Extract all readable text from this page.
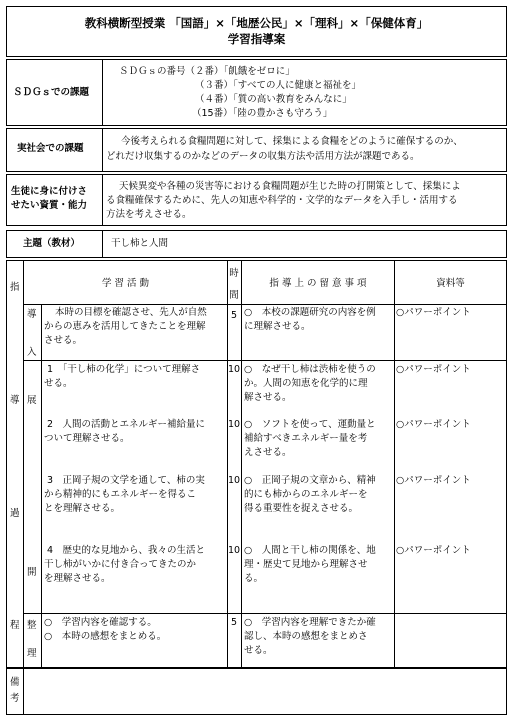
教科横断型授業 「国語」×「地歴公民」×「理科」×「保健体育」
学習指導案
ＳＤＧｓでの課題
ＳＤＧｓの番号（２番）「飢餓をゼロに」
（３番）「すべての人に健康と福祉を」
（４番）「質の高い教育をみんなに」
（15番）「陸の豊かさも守ろう」
実社会での課題
今後考えられる食糧問題に対して、採集による食糧をどのように確保するのか、
どれだけ収集するのかなどのデータの収集方法や活用方法が課題である。
生徒に身に付けさ
せたい資質・能力
天候異変や各種の災害等における食糧問題が生じた時の打開策として、採集によ
る食糧確保するために、先人の知恵や科学的・文学的なデータを入手し・活用する
方法を考えさせる。
主題（教材）	干し柿と人間
指
導
過
程
学 習 活 動
時
間
指 導 上 の 留 意 事 項	資料等
導
入
展
開
整
理
本時の目標を確認させ、先人が自然
からの恵みを活用してきたことを理解
させる。
5 ○　本校の課題研究の内容を例
に理解させる。
○パワーポイント
1　「干し柿の化学」について理解さ
せる。
10 ○　なぜ干し柿は渋柿を使うの
か。人間の知恵を化学的に理
解させる。
○パワーポイント
2　人間の活動とエネルギー補給量に
ついて理解させる。
10 ○　ソフトを使って、運動量と
補給すべきエネルギー量を考
えさせる。
○パワーポイント
3　正岡子規の文学を通して、柿の実
から精神的にもエネルギーを得るこ
とを理解させる。
10 ○　正岡子規の文章から、精神
的にも柿からのエネルギーを
得る重要性を捉えさせる。
○パワーポイント
4　歴史的な見地から、我々の生活と
干し柿がいかに付き合ってきたのか
を理解させる。
10 ○　人間と干し柿の関係を、地
理・歴史て見地から理解させ
る。
○パワーポイント
○　学習内容を確認する。
○　本時の感想をまとめる。
5 ○　学習内容を理解できたか確
認し、本時の感想をまとめさ
せる。
備
考
